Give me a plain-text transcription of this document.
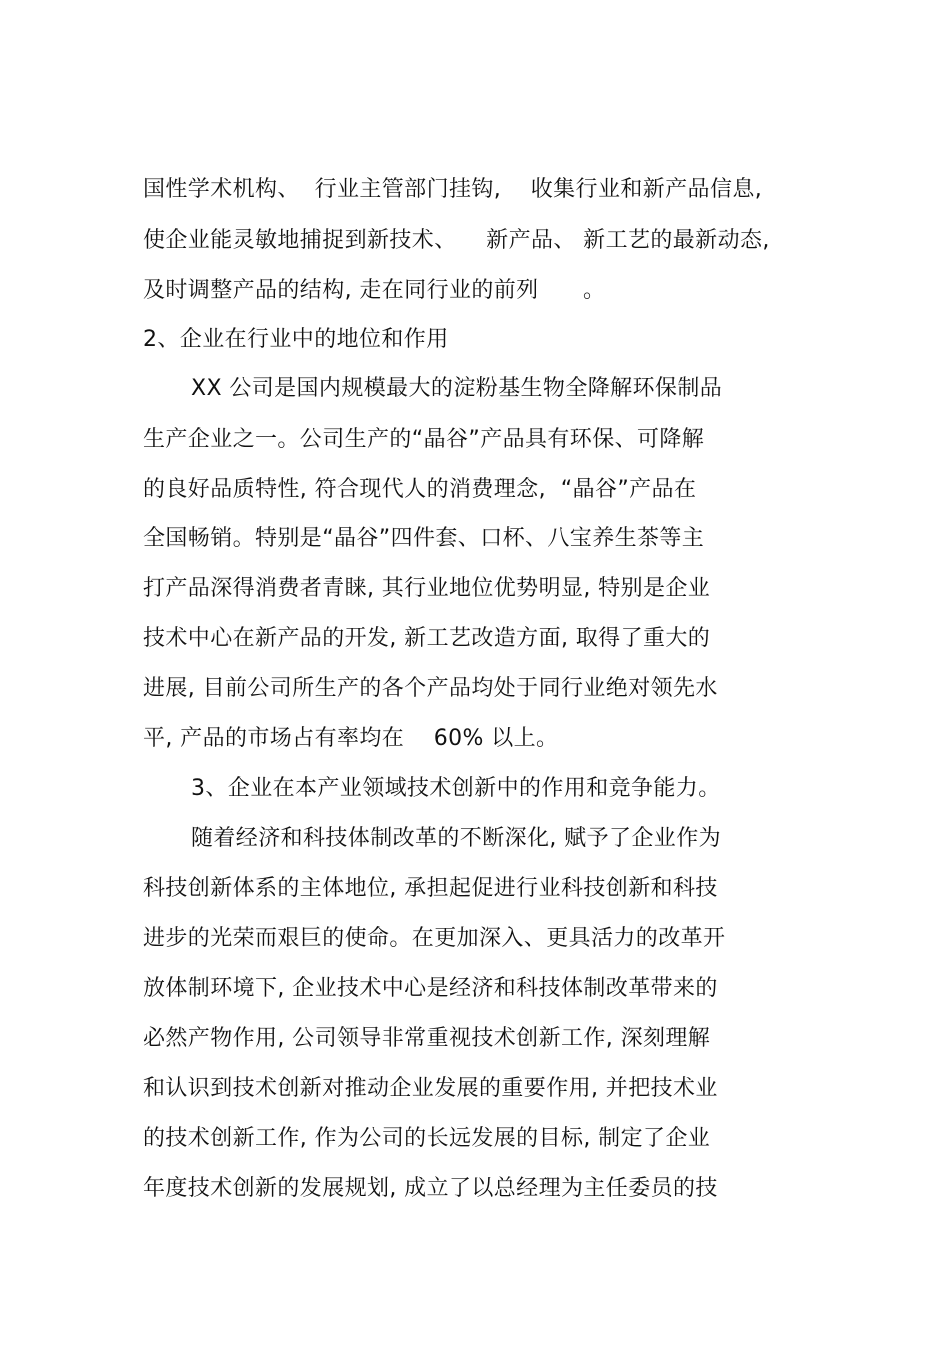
国性学术机构、  行业主管部门挂钩,    收集行业和新产品信息,
使企业能灵敏地捕捉到新技术、    新产品、 新工艺的最新动态,
及时调整产品的结构, 走在同行业的前列      。
2、企业在行业中的地位和作用
XX 公司是国内规模最大的淀粉基生物全降解环保制品
生产企业之一。公司生产的“晶谷”产品具有环保、可降解
的良好品质特性, 符合现代人的消费理念,  “晶谷”产品在
全国畅销。特别是“晶谷”四件套、口杯、八宝养生茶等主
打产品深得消费者青睐, 其行业地位优势明显, 特别是企业
技术中心在新产品的开发, 新工艺改造方面, 取得了重大的
进展, 目前公司所生产的各个产品均处于同行业绝对领先水
平, 产品的市场占有率均在    60% 以上。
3、企业在本产业领域技术创新中的作用和竞争能力。
随着经济和科技体制改革的不断深化, 赋予了企业作为
科技创新体系的主体地位, 承担起促进行业科技创新和科技
进步的光荣而艰巨的使命。在更加深入、更具活力的改革开
放体制环境下, 企业技术中心是经济和科技体制改革带来的
必然产物作用, 公司领导非常重视技术创新工作, 深刻理解
和认识到技术创新对推动企业发展的重要作用, 并把技术业
的技术创新工作, 作为公司的长远发展的目标, 制定了企业
年度技术创新的发展规划, 成立了以总经理为主任委员的技
